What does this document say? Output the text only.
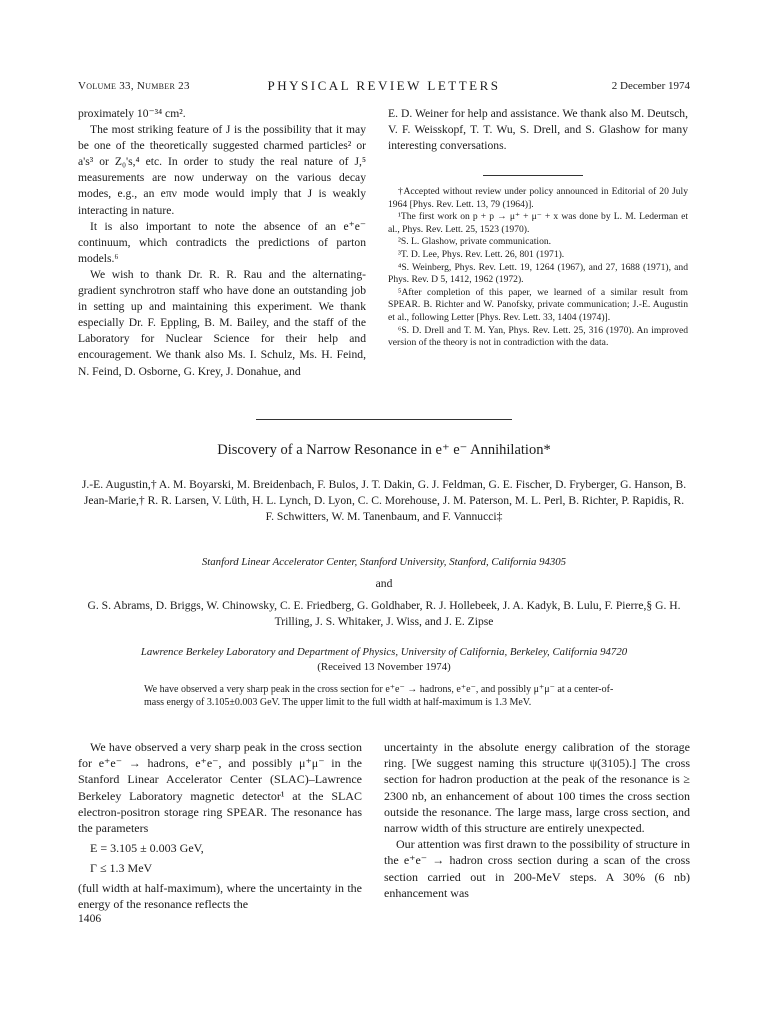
Volume 33, Number 23	PHYSICAL REVIEW LETTERS	2 December 1974

proximately 10⁻³⁴ cm².

The most striking feature of J is the possibility that it may be one of the theoretically suggested charmed particles² or a's³ or Z₀'s,⁴ etc. In order to study the real nature of J,⁵ measurements are now underway on the various decay modes, e.g., an eπν mode would imply that J is weakly interacting in nature.

It is also important to note the absence of an e⁺e⁻ continuum, which contradicts the predictions of parton models.⁶

We wish to thank Dr. R. R. Rau and the alternating-gradient synchrotron staff who have done an outstanding job in setting up and maintaining this experiment. We thank especially Dr. F. Eppling, B. M. Bailey, and the staff of the Laboratory for Nuclear Science for their help and encouragement. We thank also Ms. I. Schulz, Ms. H. Feind, N. Feind, D. Osborne, G. Krey, J. Donahue, and

E. D. Weiner for help and assistance. We thank also M. Deutsch, V. F. Weisskopf, T. T. Wu, S. Drell, and S. Glashow for many interesting conversations.

†Accepted without review under policy announced in Editorial of 20 July 1964 [Phys. Rev. Lett. 13, 79 (1964)].

¹The first work on p + p → μ⁺ + μ⁻ + x was done by L. M. Lederman et al., Phys. Rev. Lett. 25, 1523 (1970).

²S. L. Glashow, private communication.

³T. D. Lee, Phys. Rev. Lett. 26, 801 (1971).

⁴S. Weinberg, Phys. Rev. Lett. 19, 1264 (1967), and 27, 1688 (1971), and Phys. Rev. D 5, 1412, 1962 (1972).

⁵After completion of this paper, we learned of a similar result from SPEAR. B. Richter and W. Panofsky, private communication; J.-E. Augustin et al., following Letter [Phys. Rev. Lett. 33, 1404 (1974)].

⁶S. D. Drell and T. M. Yan, Phys. Rev. Lett. 25, 316 (1970). An improved version of the theory is not in contradiction with the data.

Discovery of a Narrow Resonance in e⁺ e⁻ Annihilation*
J.-E. Augustin,† A. M. Boyarski, M. Breidenbach, F. Bulos, J. T. Dakin, G. J. Feldman, G. E. Fischer, D. Fryberger, G. Hanson, B. Jean-Marie,† R. R. Larsen, V. Lüth, H. L. Lynch, D. Lyon, C. C. Morehouse, J. M. Paterson, M. L. Perl, B. Richter, P. Rapidis, R. F. Schwitters, W. M. Tanenbaum, and F. Vannucci‡
Stanford Linear Accelerator Center, Stanford University, Stanford, California 94305
and
G. S. Abrams, D. Briggs, W. Chinowsky, C. E. Friedberg, G. Goldhaber, R. J. Hollebeek, J. A. Kadyk, B. Lulu, F. Pierre,§ G. H. Trilling, J. S. Whitaker, J. Wiss, and J. E. Zipse
Lawrence Berkeley Laboratory and Department of Physics, University of California, Berkeley, California 94720
(Received 13 November 1974)
We have observed a very sharp peak in the cross section for e⁺e⁻ → hadrons, e⁺e⁻, and possibly μ⁺μ⁻ at a center-of-mass energy of 3.105±0.003 GeV. The upper limit to the full width at half-maximum is 1.3 MeV.

We have observed a very sharp peak in the cross section for e⁺e⁻ → hadrons, e⁺e⁻, and possibly μ⁺μ⁻ in the Stanford Linear Accelerator Center (SLAC)–Lawrence Berkeley Laboratory magnetic detector¹ at the SLAC electron-positron storage ring SPEAR. The resonance has the parameters

E = 3.105 ± 0.003 GeV,

Γ ≤ 1.3 MeV

(full width at half-maximum), where the uncertainty in the energy of the resonance reflects the

uncertainty in the absolute energy calibration of the storage ring. [We suggest naming this structure ψ(3105).] The cross section for hadron production at the peak of the resonance is ≥ 2300 nb, an enhancement of about 100 times the cross section outside the resonance. The large mass, large cross section, and narrow width of this structure are entirely unexpected.

Our attention was first drawn to the possibility of structure in the e⁺e⁻ → hadron cross section during a scan of the cross section carried out in 200-MeV steps. A 30% (6 nb) enhancement was

1406
